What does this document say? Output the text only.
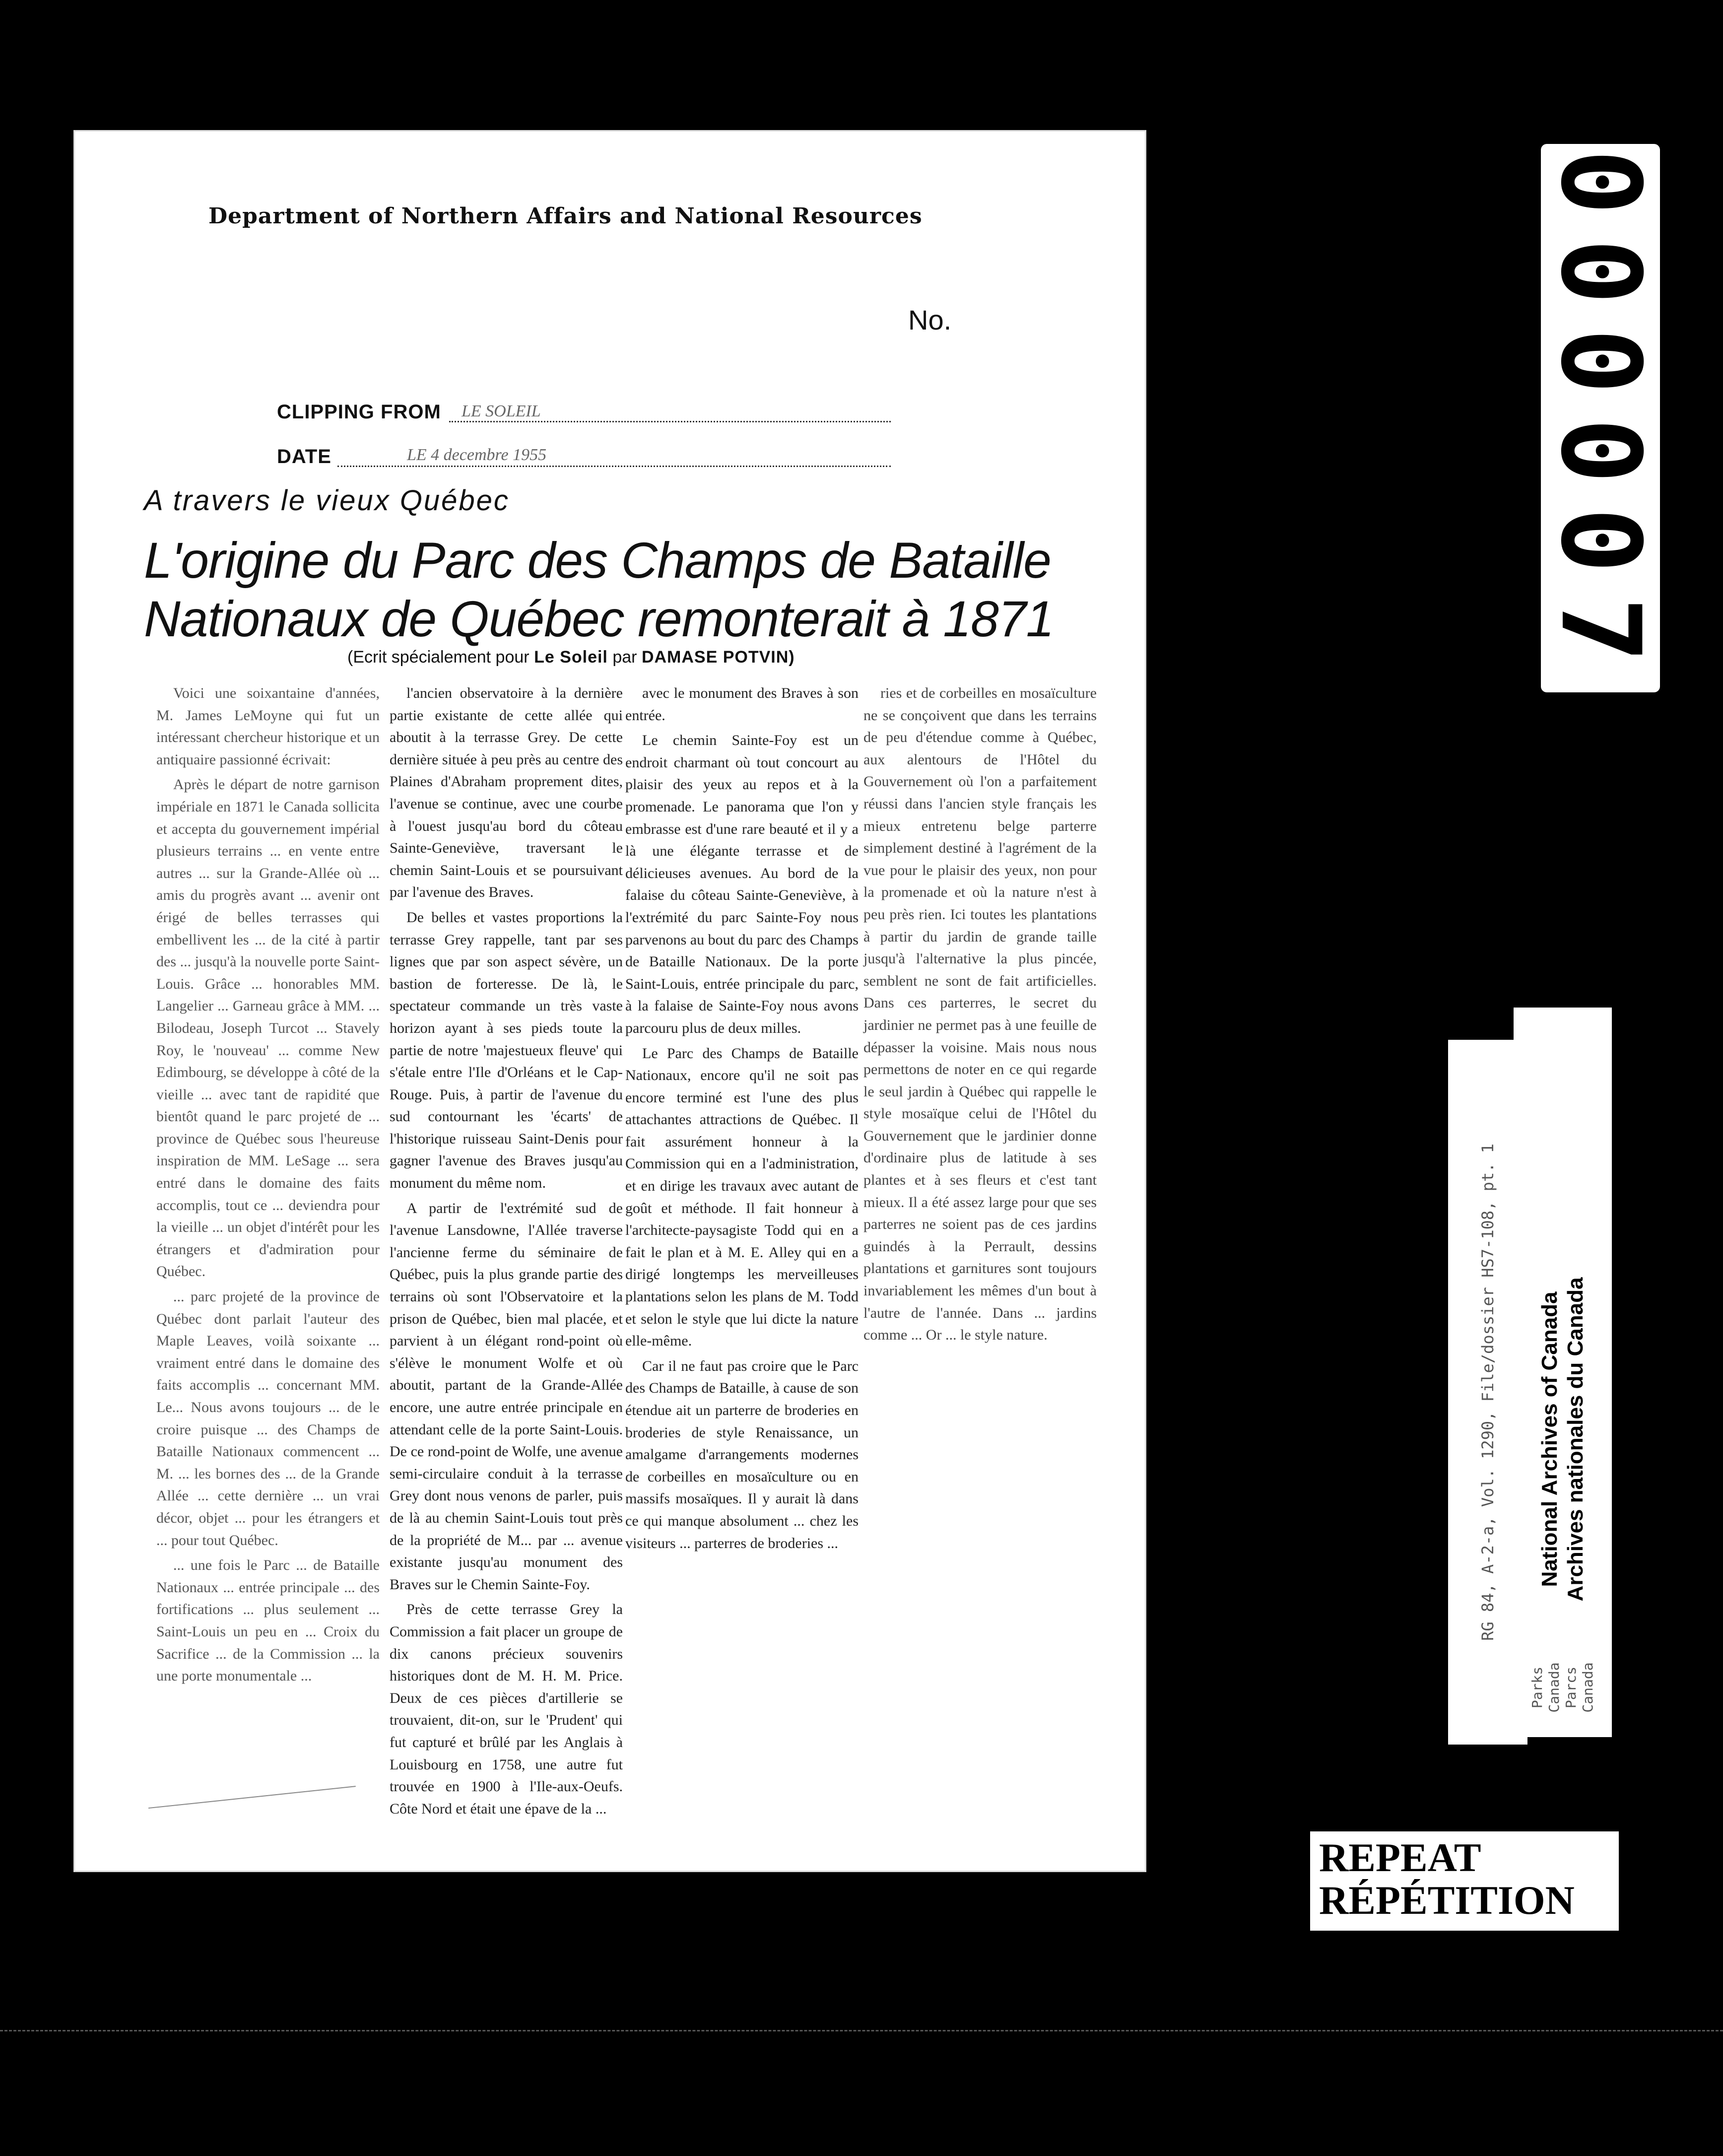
Department of Northern Affairs and National Resources
No.
CLIPPING FROM LE SOLEIL
DATE	LE 4 decembre 1955
A travers le vieux Québec
L'origine du Parc des Champs de Bataille Nationaux de Québec remonterait à 1871
(Ecrit spécialement pour Le Soleil par DAMASE POTVIN)

Voici une soixantaine d'années, M. James LeMoyne qui fut un intéressant chercheur historique et un antiquaire passionné écrivait:

Après le départ de notre garnison impériale en 1871 le Canada sollicita et accepta du gouvernement impérial plusieurs terrains ... en vente entre autres ... sur la Grande-Allée où ... amis du progrès avant ... avenir ont érigé de belles terrasses qui embellivent les ... de la cité à partir des ... jusqu'à la nouvelle porte Saint-Louis. Grâce ... honorables MM. Langelier ... Garneau grâce à MM. ... Bilodeau, Joseph Turcot ... Stavely Roy, le 'nouveau' ... comme New Edimbourg, se développe à côté de la vieille ... avec tant de rapidité que bientôt quand le parc projeté de ... province de Québec sous l'heureuse inspiration de MM. LeSage ... sera entré dans le domaine des faits accomplis, tout ce ... deviendra pour la vieille ... un objet d'intérêt pour les étrangers et d'admiration pour Québec.

... parc projeté de la province de Québec dont parlait l'auteur des Maple Leaves, voilà soixante ... vraiment entré dans le domaine des faits accomplis ... concernant MM. Le... Nous avons toujours ... de le croire puisque ... des Champs de Bataille Nationaux commencent ... M. ... les bornes des ... de la Grande Allée ... cette dernière ... un vrai décor, objet ... pour les étrangers et ... pour tout Québec.

... une fois le Parc ... de Bataille Nationaux ... entrée principale ... des fortifications ... plus seulement ... Saint-Louis un peu en ... Croix du Sacrifice ... de la Commission ... la une porte monumentale ...

l'ancien observatoire à la dernière partie existante de cette allée qui aboutit à la terrasse Grey. De cette dernière située à peu près au centre des Plaines d'Abraham proprement dites, l'avenue se continue, avec une courbe à l'ouest jusqu'au bord du côteau Sainte-Geneviève, traversant le chemin Saint-Louis et se poursuivant par l'avenue des Braves.

De belles et vastes proportions la terrasse Grey rappelle, tant par ses lignes que par son aspect sévère, un bastion de forteresse. De là, le spectateur commande un très vaste horizon ayant à ses pieds toute la partie de notre 'majestueux fleuve' qui s'étale entre l'Ile d'Orléans et le Cap-Rouge. Puis, à partir de l'avenue du sud contournant les 'écarts' de l'historique ruisseau Saint-Denis pour gagner l'avenue des Braves jusqu'au monument du même nom.

A partir de l'extrémité sud de l'avenue Lansdowne, l'Allée traverse l'ancienne ferme du séminaire de Québec, puis la plus grande partie des terrains où sont l'Observatoire et la prison de Québec, bien mal placée, et parvient à un élégant rond-point où s'élève le monument Wolfe et où aboutit, partant de la Grande-Allée encore, une autre entrée principale en attendant celle de la porte Saint-Louis. De ce rond-point de Wolfe, une avenue semi-circulaire conduit à la terrasse Grey dont nous venons de parler, puis de là au chemin Saint-Louis tout près de la propriété de M... par ... avenue existante jusqu'au monument des Braves sur le Chemin Sainte-Foy.

Près de cette terrasse Grey la Commission a fait placer un groupe de dix canons précieux souvenirs historiques dont de M. H. M. Price. Deux de ces pièces d'artillerie se trouvaient, dit-on, sur le 'Prudent' qui fut capturé et brûlé par les Anglais à Louisbourg en 1758, une autre fut trouvée en 1900 à l'Ile-aux-Oeufs. Côte Nord et était une épave de la ...

avec le monument des Braves à son entrée.

Le chemin Sainte-Foy est un endroit charmant où tout concourt au plaisir des yeux au repos et à la promenade. Le panorama que l'on y embrasse est d'une rare beauté et il y a là une élégante terrasse et de délicieuses avenues. Au bord de la falaise du côteau Sainte-Geneviève, à l'extrémité du parc Sainte-Foy nous parvenons au bout du parc des Champs de Bataille Nationaux. De la porte Saint-Louis, entrée principale du parc, à la falaise de Sainte-Foy nous avons parcouru plus de deux milles.

Le Parc des Champs de Bataille Nationaux, encore qu'il ne soit pas encore terminé est l'une des plus attachantes attractions de Québec. Il fait assurément honneur à la Commission qui en a l'administration, et en dirige les travaux avec autant de goût et méthode. Il fait honneur à l'architecte-paysagiste Todd qui en a fait le plan et à M. E. Alley qui en a dirigé longtemps les merveilleuses plantations selon les plans de M. Todd et selon le style que lui dicte la nature elle-même.

Car il ne faut pas croire que le Parc des Champs de Bataille, à cause de son étendue ait un parterre de broderies en broderies de style Renaissance, un amalgame d'arrangements modernes de corbeilles en mosaïculture ou en massifs mosaïques. Il y aurait là dans ce qui manque absolument ... chez les visiteurs ... parterres de broderies ...

ries et de corbeilles en mosaïculture ne se conçoivent que dans les terrains de peu d'étendue comme à Québec, aux alentours de l'Hôtel du Gouvernement où l'on a parfaitement réussi dans l'ancien style français les mieux entretenu belge parterre simplement destiné à l'agrément de la vue pour le plaisir des yeux, non pour la promenade et où la nature n'est à peu près rien. Ici toutes les plantations à partir du jardin de grande taille jusqu'à l'alternative la plus pincée, semblent ne sont de fait artificielles. Dans ces parterres, le secret du jardinier ne permet pas à une feuille de dépasser la voisine. Mais nous nous permettons de noter en ce qui regarde le seul jardin à Québec qui rappelle le style mosaïque celui de l'Hôtel du Gouvernement que le jardinier donne d'ordinaire plus de latitude à ses plantes et à ses fleurs et c'est tant mieux. Il a été assez large pour que ses parterres ne soient pas de ces jardins guindés à la Perrault, dessins plantations et garnitures sont toujours invariablement les mêmes d'un bout à l'autre de l'année. Dans ... jardins comme ... Or ... le style nature.

000007
RG 84, A-2-a, Vol. 1290, File/dossier HS7-108, pt. 1 National Archives of Canada Archives nationales du Canada
Parks Canada Parcs Canada
REPEAT
RÉPÉTITION
